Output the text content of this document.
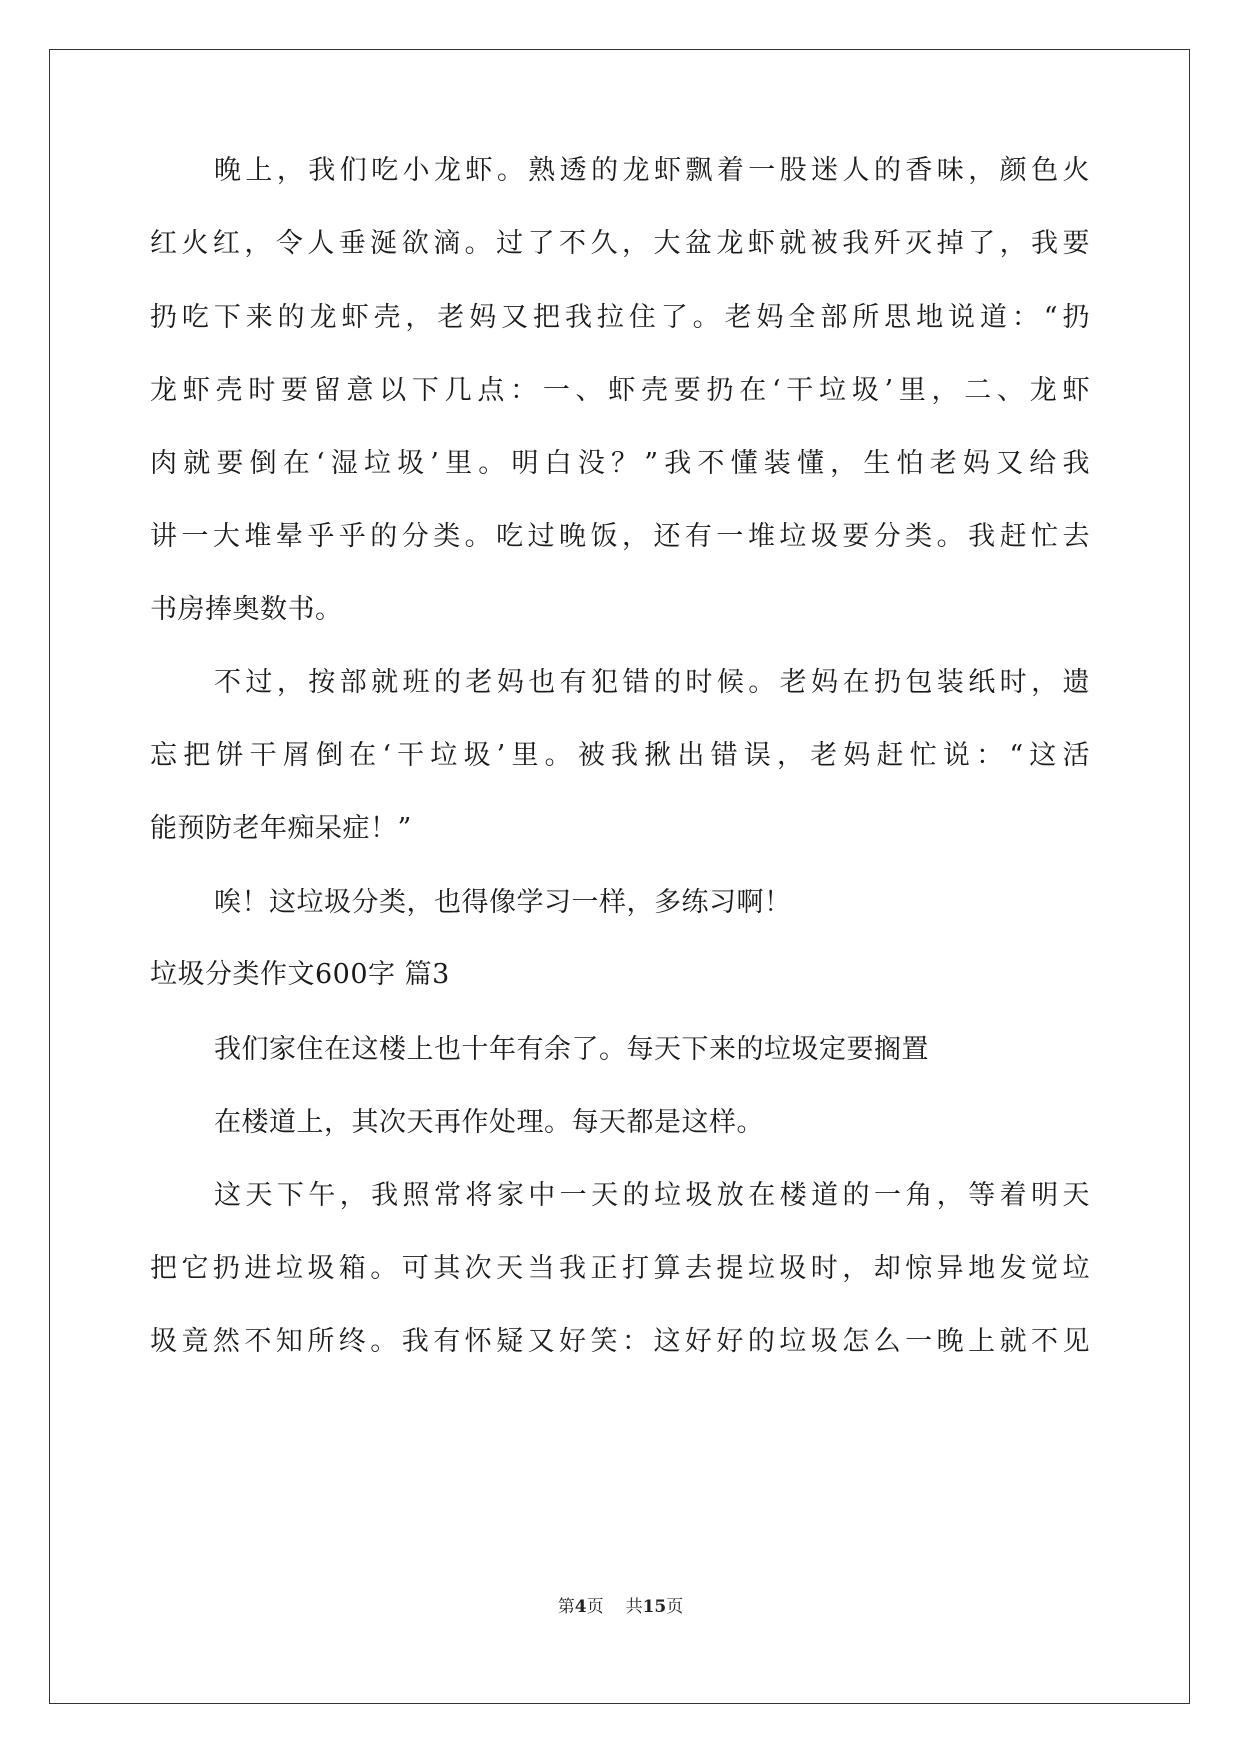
晚上，我们吃小龙虾。熟透的龙虾飘着一股迷人的香味，颜色火
红火红，令人垂涎欲滴。过了不久，大盆龙虾就被我歼灭掉了，我要
扔吃下来的龙虾壳，老妈又把我拉住了。老妈全部所思地说道：“扔
龙虾壳时要留意以下几点：一、虾壳要扔在‘干垃圾’里，二、龙虾
肉就要倒在‘湿垃圾’里。明白没？”我不懂装懂，生怕老妈又给我
讲一大堆晕乎乎的分类。吃过晚饭，还有一堆垃圾要分类。我赶忙去
书房捧奥数书。
不过，按部就班的老妈也有犯错的时候。老妈在扔包装纸时，遗
忘把饼干屑倒在‘干垃圾’里。被我揪出错误，老妈赶忙说：“这活
能预防老年痴呆症！”
唉！这垃圾分类，也得像学习一样，多练习啊！
垃圾分类作文600字 篇3
我们家住在这楼上也十年有余了。每天下来的垃圾定要搁置
在楼道上，其次天再作处理。每天都是这样。
这天下午，我照常将家中一天的垃圾放在楼道的一角，等着明天
把它扔进垃圾箱。可其次天当我正打算去提垃圾时，却惊异地发觉垃
圾竟然不知所终。我有怀疑又好笑：这好好的垃圾怎么一晚上就不见
第4页 共15页
